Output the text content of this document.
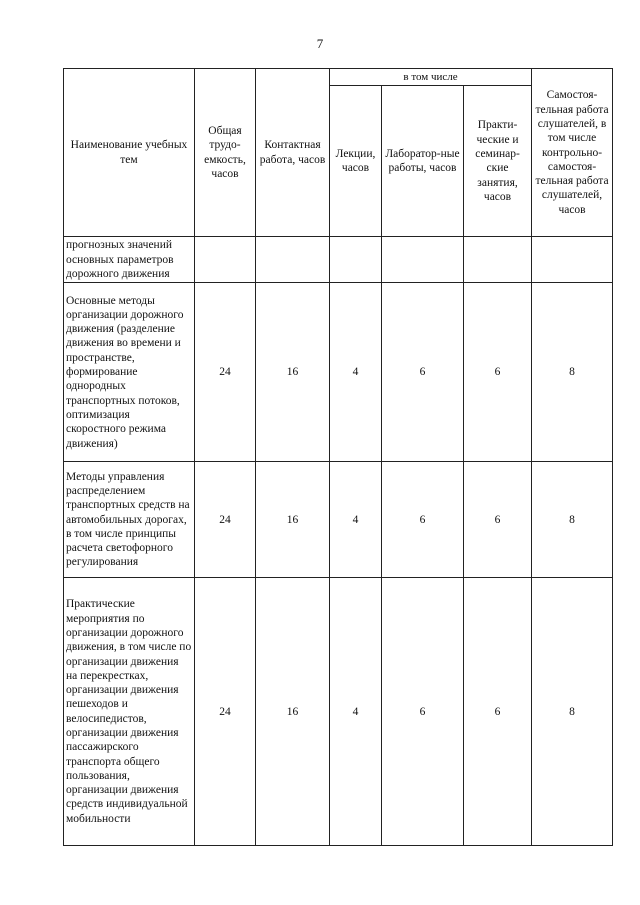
7
Наименование учебных тем	Общая трудо-емкость, часов	Контактная работа, часов	в том числе			Самостоя-тельная работа слушателей, в том числе контрольно-самостоя-тельная работа слушателей, часов
			Лекции, часов	Лаборатор-ные работы, часов	Практи-ческие и семинар-ские занятия, часов	
прогнозных значений основных параметров дорожного движения						
Основные методы организации дорожного движения (разделение движения во времени и пространстве, формирование однородных транспортных потоков, оптимизация скоростного режима движения)	24	16	4	6	6	8
Методы управления распределением транспортных средств на автомобильных дорогах, в том числе принципы расчета светофорного регулирования	24	16	4	6	6	8
Практические мероприятия по организации дорожного движения, в том числе по организации движения на перекрестках, организации движения пешеходов и велосипедистов, организации движения пассажирского транспорта общего пользования, организации движения средств индивидуальной мобильности	24	16	4	6	6	8
